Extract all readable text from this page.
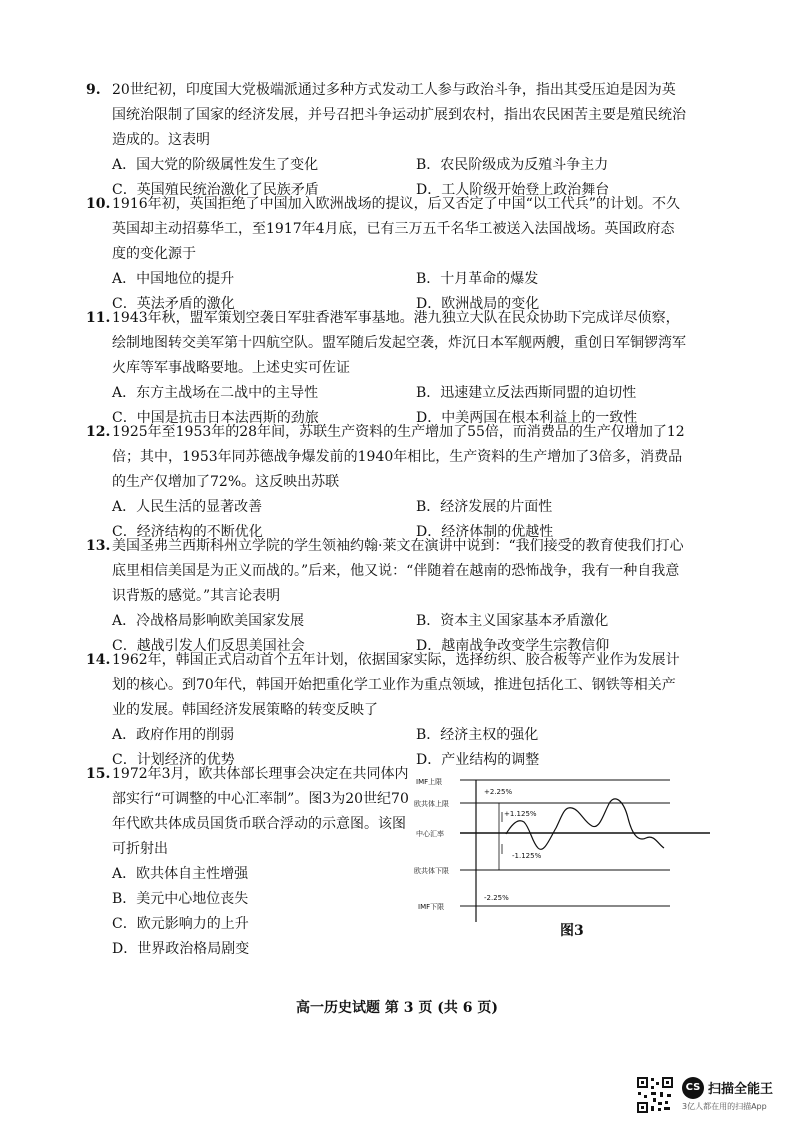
9. 20世纪初，印度国大党极端派通过多种方式发动工人参与政治斗争，指出其受压迫是因为英国统治限制了国家的经济发展，并号召把斗争运动扩展到农村，指出农民困苦主要是殖民统治造成的。这表明

A．国大党的阶级属性发生了变化	B．农民阶级成为反殖斗争主力
C．英国殖民统治激化了民族矛盾	D．工人阶级开始登上政治舞台

10. 1916年初，英国拒绝了中国加入欧洲战场的提议，后又否定了中国“以工代兵”的计划。不久英国却主动招募华工，至1917年4月底，已有三万五千名华工被送入法国战场。英国政府态度的变化源于

A．中国地位的提升	B．十月革命的爆发
C．英法矛盾的激化	D．欧洲战局的变化

11. 1943年秋，盟军策划空袭日军驻香港军事基地。港九独立大队在民众协助下完成详尽侦察，绘制地图转交美军第十四航空队。盟军随后发起空袭，炸沉日本军舰两艘，重创日军铜锣湾军火库等军事战略要地。上述史实可佐证

A．东方主战场在二战中的主导性	B．迅速建立反法西斯同盟的迫切性
C．中国是抗击日本法西斯的劲旅	D．中美两国在根本利益上的一致性

12. 1925年至1953年的28年间，苏联生产资料的生产增加了55倍，而消费品的生产仅增加了12倍；其中，1953年同苏德战争爆发前的1940年相比，生产资料的生产增加了3倍多，消费品的生产仅增加了72%。这反映出苏联

A．人民生活的显著改善	B．经济发展的片面性
C．经济结构的不断优化	D．经济体制的优越性

13. 美国圣弗兰西斯科州立学院的学生领袖约翰·莱文在演讲中说到：“我们接受的教育使我们打心底里相信美国是为正义而战的。”后来，他又说：“伴随着在越南的恐怖战争，我有一种自我意识背叛的感觉。”其言论表明

A．冷战格局影响欧美国家发展	B．资本主义国家基本矛盾激化
C．越战引发人们反思美国社会	D．越南战争改变学生宗教信仰

14. 1962年，韩国正式启动首个五年计划，依据国家实际，选择纺织、胶合板等产业作为发展计划的核心。到70年代，韩国开始把重化学工业作为重点领域，推进包括化工、钢铁等相关产业的发展。韩国经济发展策略的转变反映了

A．政府作用的削弱	B．经济主权的强化
C．计划经济的优势	D．产业结构的调整

15. 1972年3月，欧共体部长理事会决定在共同体内部实行“可调整的中心汇率制”。图3为20世纪70年代欧共体成员国货币联合浮动的示意图。该图可折射出

A．欧共体自主性增强
B．美元中心地位丧失
C．欧元影响力的上升
D．世界政治格局剧变
IMF上限
欧共体上限
中心汇率
欧共体下限
IMF下限
+2.25%
+1.125%
-1.125%
-2.25%
图3
高一历史试题 第 3 页 (共 6 页)
CS 扫描全能王
3亿人都在用的扫描App
